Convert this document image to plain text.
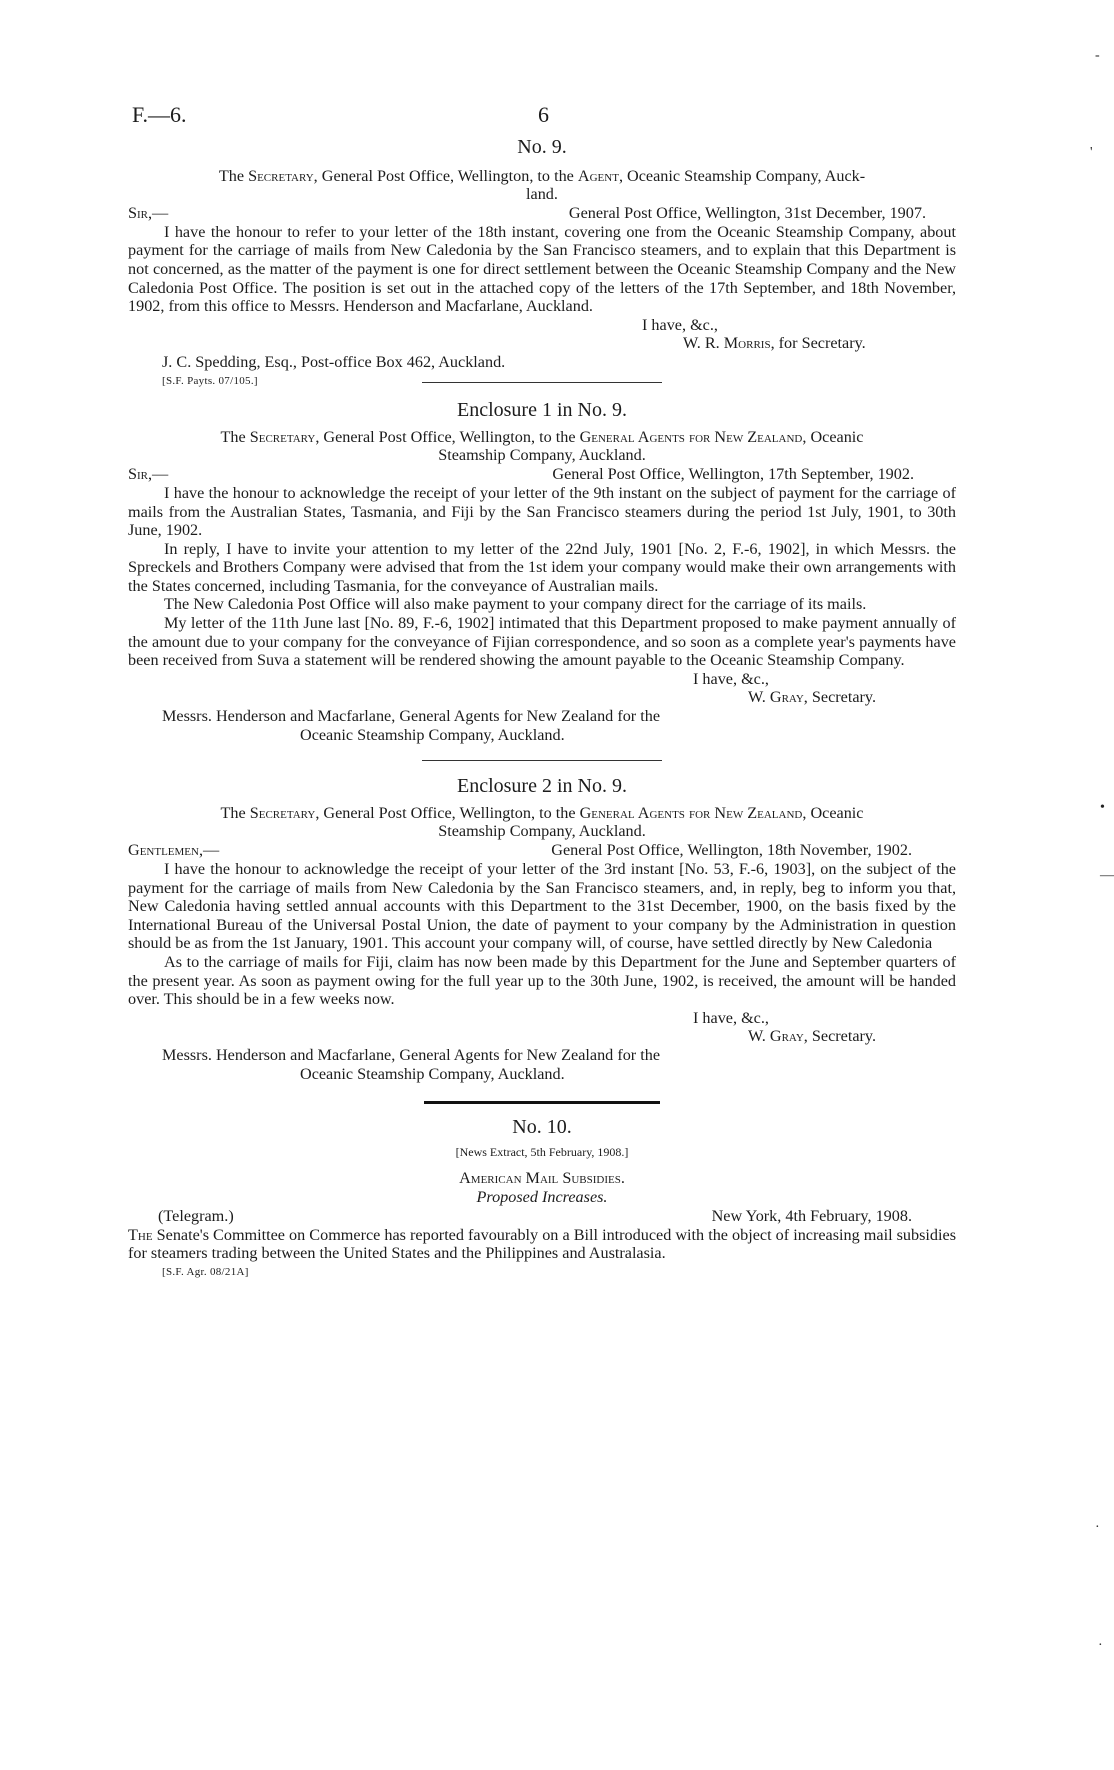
F.—6.	6

No. 9.

The Secretary, General Post Office, Wellington, to the Agent, Oceanic Steamship Company, Auck-
land.

Sir,—	General Post Office, Wellington, 31st December, 1907.

I have the honour to refer to your letter of the 18th instant, covering one from the Oceanic Steamship Company, about payment for the carriage of mails from New Caledonia by the San Francisco steamers, and to explain that this Department is not concerned, as the matter of the payment is one for direct settlement between the Oceanic Steamship Company and the New Caledonia Post Office. The position is set out in the attached copy of the letters of the 17th September, and 18th November, 1902, from this office to Messrs. Henderson and Macfarlane, Auckland.

I have, &c.,

W. R. Morris, for Secretary.

J. C. Spedding, Esq., Post-office Box 462, Auckland.

[S.F. Payts. 07/105.]

Enclosure 1 in No. 9.

The Secretary, General Post Office, Wellington, to the General Agents for New Zealand, Oceanic
Steamship Company, Auckland.

Sir,—	General Post Office, Wellington, 17th September, 1902.

I have the honour to acknowledge the receipt of your letter of the 9th instant on the subject of payment for the carriage of mails from the Australian States, Tasmania, and Fiji by the San Francisco steamers during the period 1st July, 1901, to 30th June, 1902.

In reply, I have to invite your attention to my letter of the 22nd July, 1901 [No. 2, F.-6, 1902], in which Messrs. the Spreckels and Brothers Company were advised that from the 1st idem your company would make their own arrangements with the States concerned, including Tasmania, for the conveyance of Australian mails.

The New Caledonia Post Office will also make payment to your company direct for the carriage of its mails.

My letter of the 11th June last [No. 89, F.-6, 1902] intimated that this Department proposed to make payment annually of the amount due to your company for the conveyance of Fijian correspondence, and so soon as a complete year's payments have been received from Suva a statement will be rendered showing the amount payable to the Oceanic Steamship Company.

I have, &c.,

W. Gray, Secretary.

Messrs. Henderson and Macfarlane, General Agents for New Zealand for the
Oceanic Steamship Company, Auckland.

Enclosure 2 in No. 9.

The Secretary, General Post Office, Wellington, to the General Agents for New Zealand, Oceanic
Steamship Company, Auckland.

Gentlemen,—	General Post Office, Wellington, 18th November, 1902.

I have the honour to acknowledge the receipt of your letter of the 3rd instant [No. 53, F.-6, 1903], on the subject of the payment for the carriage of mails from New Caledonia by the San Francisco steamers, and, in reply, beg to inform you that, New Caledonia having settled annual accounts with this Department to the 31st December, 1900, on the basis fixed by the International Bureau of the Universal Postal Union, the date of payment to your company by the Administration in question should be as from the 1st January, 1901. This account your company will, of course, have settled directly by New Caledonia

As to the carriage of mails for Fiji, claim has now been made by this Department for the June and September quarters of the present year. As soon as payment owing for the full year up to the 30th June, 1902, is received, the amount will be handed over. This should be in a few weeks now.

I have, &c.,

W. Gray, Secretary.

Messrs. Henderson and Macfarlane, General Agents for New Zealand for the
Oceanic Steamship Company, Auckland.

No. 10.

[News Extract, 5th February, 1908.]

American Mail Subsidies.

Proposed Increases.

(Telegram.)	New York, 4th February, 1908.

The Senate's Committee on Commerce has reported favourably on a Bill introduced with the object of increasing mail subsidies for steamers trading between the United States and the Philippines and Australasia.

[S.F. Agr. 08/21A]

-
'
•
—
·
·
